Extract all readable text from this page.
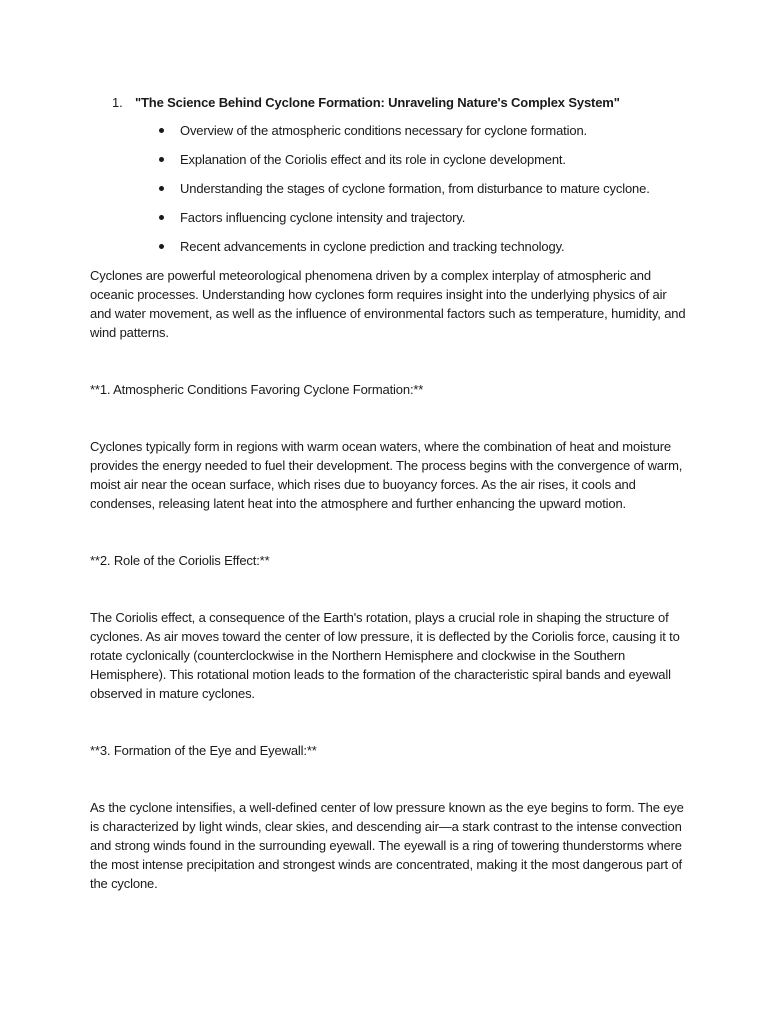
1. "The Science Behind Cyclone Formation: Unraveling Nature's Complex System"
Overview of the atmospheric conditions necessary for cyclone formation.
Explanation of the Coriolis effect and its role in cyclone development.
Understanding the stages of cyclone formation, from disturbance to mature cyclone.
Factors influencing cyclone intensity and trajectory.
Recent advancements in cyclone prediction and tracking technology.

Cyclones are powerful meteorological phenomena driven by a complex interplay of atmospheric and oceanic processes. Understanding how cyclones form requires insight into the underlying physics of air and water movement, as well as the influence of environmental factors such as temperature, humidity, and wind patterns.

**1. Atmospheric Conditions Favoring Cyclone Formation:**

Cyclones typically form in regions with warm ocean waters, where the combination of heat and moisture provides the energy needed to fuel their development. The process begins with the convergence of warm, moist air near the ocean surface, which rises due to buoyancy forces. As the air rises, it cools and condenses, releasing latent heat into the atmosphere and further enhancing the upward motion.

**2. Role of the Coriolis Effect:**

The Coriolis effect, a consequence of the Earth's rotation, plays a crucial role in shaping the structure of cyclones. As air moves toward the center of low pressure, it is deflected by the Coriolis force, causing it to rotate cyclonically (counterclockwise in the Northern Hemisphere and clockwise in the Southern Hemisphere). This rotational motion leads to the formation of the characteristic spiral bands and eyewall observed in mature cyclones.

**3. Formation of the Eye and Eyewall:**

As the cyclone intensifies, a well-defined center of low pressure known as the eye begins to form. The eye is characterized by light winds, clear skies, and descending air—a stark contrast to the intense convection and strong winds found in the surrounding eyewall. The eyewall is a ring of towering thunderstorms where the most intense precipitation and strongest winds are concentrated, making it the most dangerous part of the cyclone.
